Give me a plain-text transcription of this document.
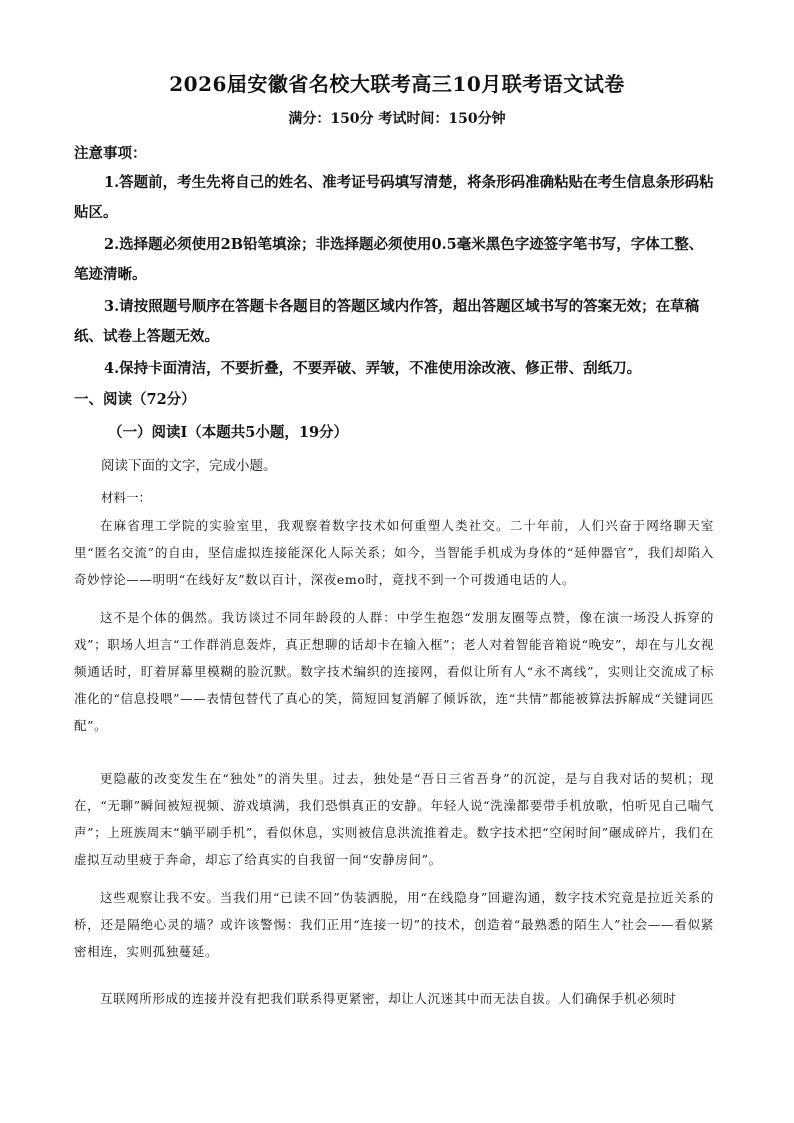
2026届安徽省名校大联考高三10月联考语文试卷
满分：150分 考试时间：150分钟
注意事项：
1.答题前，考生先将自己的姓名、准考证号码填写清楚，将条形码准确粘贴在考生信息条形码粘贴区。
2.选择题必须使用2B铅笔填涂；非选择题必须使用0.5毫米黑色字迹签字笔书写，字体工整、笔迹清晰。
3.请按照题号顺序在答题卡各题目的答题区域内作答，超出答题区域书写的答案无效；在草稿纸、试卷上答题无效。
4.保持卡面清洁，不要折叠，不要弄破、弄皱，不准使用涂改液、修正带、刮纸刀。
一、阅读（72分）
（一）阅读Ⅰ（本题共5小题，19分）
阅读下面的文字，完成小题。
材料一：
在麻省理工学院的实验室里，我观察着数字技术如何重塑人类社交。二十年前，人们兴奋于网络聊天室里“匿名交流”的自由，坚信虚拟连接能深化人际关系；如今，当智能手机成为身体的“延伸器官”，我们却陷入奇妙悖论——明明“在线好友”数以百计，深夜emo时，竟找不到一个可拨通电话的人。
这不是个体的偶然。我访谈过不同年龄段的人群：中学生抱怨“发朋友圈等点赞，像在演一场没人拆穿的戏”；职场人坦言“工作群消息轰炸，真正想聊的话却卡在输入框”；老人对着智能音箱说“晚安”，却在与儿女视频通话时，盯着屏幕里模糊的脸沉默。数字技术编织的连接网，看似让所有人“永不离线”，实则让交流成了标准化的“信息投喂”——表情包替代了真心的笑，简短回复消解了倾诉欲，连“共情”都能被算法拆解成“关键词匹配”。
更隐蔽的改变发生在“独处”的消失里。过去，独处是“吾日三省吾身”的沉淀，是与自我对话的契机；现在，“无聊”瞬间被短视频、游戏填满，我们恐惧真正的安静。年轻人说“洗澡都要带手机放歌，怕听见自己喘气声”；上班族周末“躺平刷手机”，看似休息，实则被信息洪流推着走。数字技术把“空闲时间”碾成碎片，我们在虚拟互动里疲于奔命，却忘了给真实的自我留一间“安静房间”。
这些观察让我不安。当我们用“已读不回”伪装洒脱，用“在线隐身”回避沟通，数字技术究竟是拉近关系的桥，还是隔绝心灵的墙？或许该警惕：我们正用“连接一切”的技术，创造着“最熟悉的陌生人”社会——看似紧密相连，实则孤独蔓延。
互联网所形成的连接并没有把我们联系得更紧密，却让人沉迷其中而无法自拔。人们确保手机必须时
